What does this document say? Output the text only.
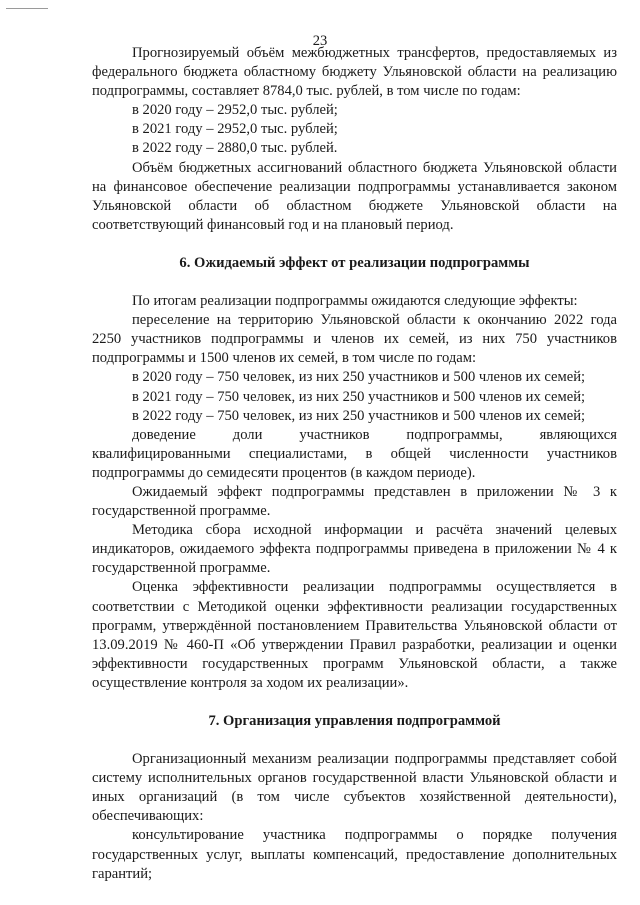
23

Прогнозируемый объём межбюджетных трансфертов, предоставляемых из федерального бюджета областному бюджету Ульяновской области на реализацию подпрограммы, составляет 8784,0 тыс. рублей, в том числе по годам:

в 2020 году – 2952,0 тыс. рублей;

в 2021 году – 2952,0 тыс. рублей;

в 2022 году – 2880,0 тыс. рублей.

Объём бюджетных ассигнований областного бюджета Ульяновской области на финансовое обеспечение реализации подпрограммы устанавливается законом Ульяновской области об областном бюджете Ульяновской области на соответствующий финансовый год и на плановый период.

6. Ожидаемый эффект от реализации подпрограммы

По итогам реализации подпрограммы ожидаются следующие эффекты:

переселение на территорию Ульяновской области к окончанию 2022 года 2250 участников подпрограммы и членов их семей, из них 750 участников подпрограммы и 1500 членов их семей, в том числе по годам:

в 2020 году – 750 человек, из них 250 участников и 500 членов их семей;

в 2021 году – 750 человек, из них 250 участников и 500 членов их семей;

в 2022 году – 750 человек, из них 250 участников и 500 членов их семей;

доведение доли участников подпрограммы, являющихся квалифицированными специалистами, в общей численности участников подпрограммы до семидесяти процентов (в каждом периоде).

Ожидаемый эффект подпрограммы представлен в приложении № 3 к государственной программе.

Методика сбора исходной информации и расчёта значений целевых индикаторов, ожидаемого эффекта подпрограммы приведена в приложении № 4 к государственной программе.

Оценка эффективности реализации подпрограммы осуществляется в соответствии с Методикой оценки эффективности реализации государственных программ, утверждённой постановлением Правительства Ульяновской области от 13.09.2019 № 460-П «Об утверждении Правил разработки, реализации и оценки эффективности государственных программ Ульяновской области, а также осуществление контроля за ходом их реализации».

7. Организация управления подпрограммой

Организационный механизм реализации подпрограммы представляет собой систему исполнительных органов государственной власти Ульяновской области и иных организаций (в том числе субъектов хозяйственной деятельности), обеспечивающих:

консультирование участника подпрограммы о порядке получения государственных услуг, выплаты компенсаций, предоставление дополнительных гарантий;
